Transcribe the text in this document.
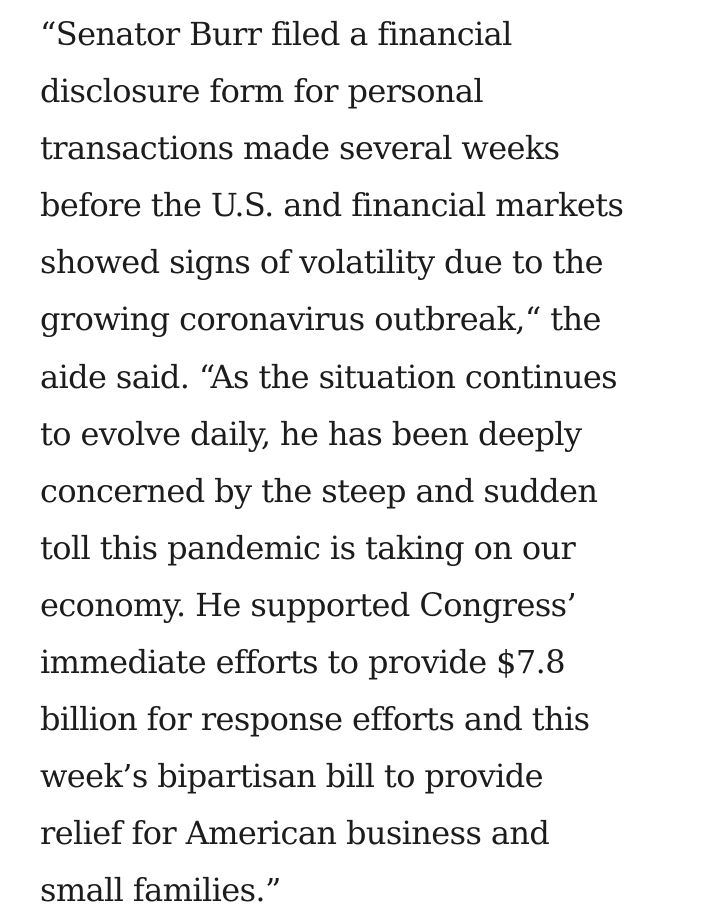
“Senator Burr filed a financial
disclosure form for personal
transactions made several weeks
before the U.S. and financial markets
showed signs of volatility due to the
growing coronavirus outbreak,“ the
aide said. “As the situation continues
to evolve daily, he has been deeply
concerned by the steep and sudden
toll this pandemic is taking on our
economy. He supported Congress’
immediate efforts to provide $7.8
billion for response efforts and this
week’s bipartisan bill to provide
relief for American business and
small families.”
